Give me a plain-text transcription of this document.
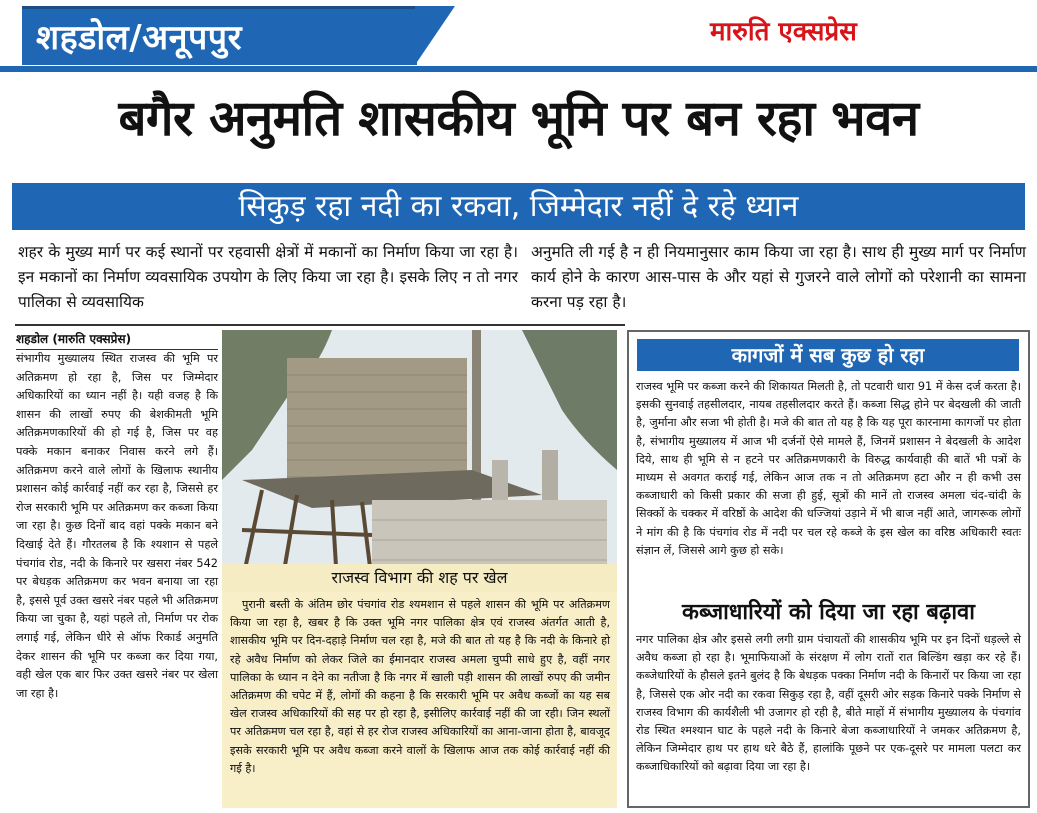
शहडोल/अनूपपुर	मारुति एक्सप्रेस
बगैर अनुमति शासकीय भूमि पर बन रहा भवन
सिकुड़ रहा नदी का रकवा, जिम्मेदार नहीं दे रहे ध्यान
शहर के मुख्य मार्ग पर कई स्थानों पर रहवासी क्षेत्रों में मकानों का निर्माण किया जा रहा है। इन मकानों का निर्माण व्यवसायिक उपयोग के लिए किया जा रहा है। इसके लिए न तो नगर पालिका से व्यवसायिक
अनुमति ली गई है न ही नियमानुसार काम किया जा रहा है। साथ ही मुख्य मार्ग पर निर्माण कार्य होने के कारण आस-पास के और यहां से गुजरने वाले लोगों को परेशानी का सामना करना पड़ रहा है।
शहडोल (मारुति एक्सप्रेस)
संभागीय मुख्यालय स्थित राजस्व की भूमि पर अतिक्रमण हो रहा है, जिस पर जिम्मेदार अधिकारियों का ध्यान नहीं है। यही वजह है कि शासन की लाखों रुपए की बेशकीमती भूमि अतिक्रमणकारियों की हो गई है, जिस पर वह पक्के मकान बनाकर निवास करने लगे हैं। अतिक्रमण करने वाले लोगों के खिलाफ स्थानीय प्रशासन कोई कार्रवाई नहीं कर रहा है, जिससे हर रोज सरकारी भूमि पर अतिक्रमण कर कब्जा किया जा रहा है। कुछ दिनों बाद वहां पक्के मकान बने दिखाई देते हैं। गौरतलब है कि श्यशान से पहले पंचगांव रोड, नदी के किनारे पर खसरा नंबर 542 पर बेधड़क अतिक्रमण कर भवन बनाया जा रहा है, इससे पूर्व उक्त खसरे नंबर पहले भी अतिक्रमण किया जा चुका है, यहां पहले तो, निर्माण पर रोक लगाई गई, लेकिन धीरे से ऑफ रिकार्ड अनुमति देकर शासन की भूमि पर कब्जा कर दिया गया, वही खेल एक बार फिर उक्त खसरे नंबर पर खेला जा रहा है।
राजस्व विभाग की शह पर खेल
पुरानी बस्ती के अंतिम छोर पंचगांव रोड श्यमशान से पहले शासन की भूमि पर अतिक्रमण किया जा रहा है, खबर है कि उक्त भूमि नगर पालिका क्षेत्र एवं राजस्व अंतर्गत आती है, शासकीय भूमि पर दिन-दहाड़े निर्माण चल रहा है, मजे की बात तो यह है कि नदी के किनारे हो रहे अवैध निर्माण को लेकर जिले का ईमानदार राजस्व अमला चुप्पी साधे हुए है, वहीं नगर पालिका के ध्यान न देने का नतीजा है कि नगर में खाली पड़ी शासन की लाखों रुपए की जमीन अतिक्रमण की चपेट में हैं, लोगों की कहना है कि सरकारी भूमि पर अवैध कब्जों का यह सब खेल राजस्व अधिकारियों की सह पर हो रहा है, इसीलिए कार्रवाई नहीं की जा रही। जिन स्थलों पर अतिक्रमण चल रहा है, वहां से हर रोज राजस्व अधिकारियों का आना-जाना होता है, बावजूद इसके सरकारी भूमि पर अवैध कब्जा करने वालों के खिलाफ आज तक कोई कार्रवाई नहीं की गई है।
कागजों में सब कुछ हो रहा
राजस्व भूमि पर कब्जा करने की शिकायत मिलती है, तो पटवारी धारा 91 में केस दर्ज करता है। इसकी सुनवाई तहसीलदार, नायब तहसीलदार करते हैं। कब्जा सिद्ध होने पर बेदखली की जाती है, जुर्माना और सजा भी होती है। मजे की बात तो यह है कि यह पूरा कारनामा कागजों पर होता है, संभागीय मुख्यालय में आज भी दर्जनों ऐसे मामले हैं, जिनमें प्रशासन ने बेदखली के आदेश दिये, साथ ही भूमि से न हटने पर अतिक्रमणकारी के विरुद्ध कार्यवाही की बातें भी पत्रों के माध्यम से अवगत कराई गई, लेकिन आज तक न तो अतिक्रमण हटा और न ही कभी उस कब्जाधारी को किसी प्रकार की सजा ही हुई, सूत्रों की मानें तो राजस्व अमला चंद-चांदी के सिक्कों के चक्कर में वरिष्ठों के आदेश की धज्जियां उड़ाने में भी बाज नहीं आते, जागरूक लोगों ने मांग की है कि पंचगांव रोड में नदी पर चल रहे कब्जे के इस खेल का वरिष्ठ अधिकारी स्वतः संज्ञान लें, जिससे आगे कुछ हो सके।
कब्जाधारियों को दिया जा रहा बढ़ावा
नगर पालिका क्षेत्र और इससे लगी लगी ग्राम पंचायतों की शासकीय भूमि पर इन दिनों धड़ल्ले से अवैध कब्जा हो रहा है। भूमाफियाओं के संरक्षण में लोग रातों रात बिल्डिंग खड़ा कर रहे हैं। कब्जेधारियों के हौसले इतने बुलंद है कि बेधड़क पक्का निर्माण नदी के किनारों पर किया जा रहा है, जिससे एक ओर नदी का रकवा सिकुड़ रहा है, वहीं दूसरी ओर सड़क किनारे पक्के निर्माण से राजस्व विभाग की कार्यशैली भी उजागर हो रही है, बीते माहों में संभागीय मुख्यालय के पंचगांव रोड स्थित श्मश्यान घाट के पहले नदी के किनारे बेजा कब्जाधारियों ने जमकर अतिक्रमण है, लेकिन जिम्मेदार हाथ पर हाथ धरे बैठे हैं, हालांकि पूछने पर एक-दूसरे पर मामला पलटा कर कब्जाधिकारियों को बढ़ावा दिया जा रहा है।
